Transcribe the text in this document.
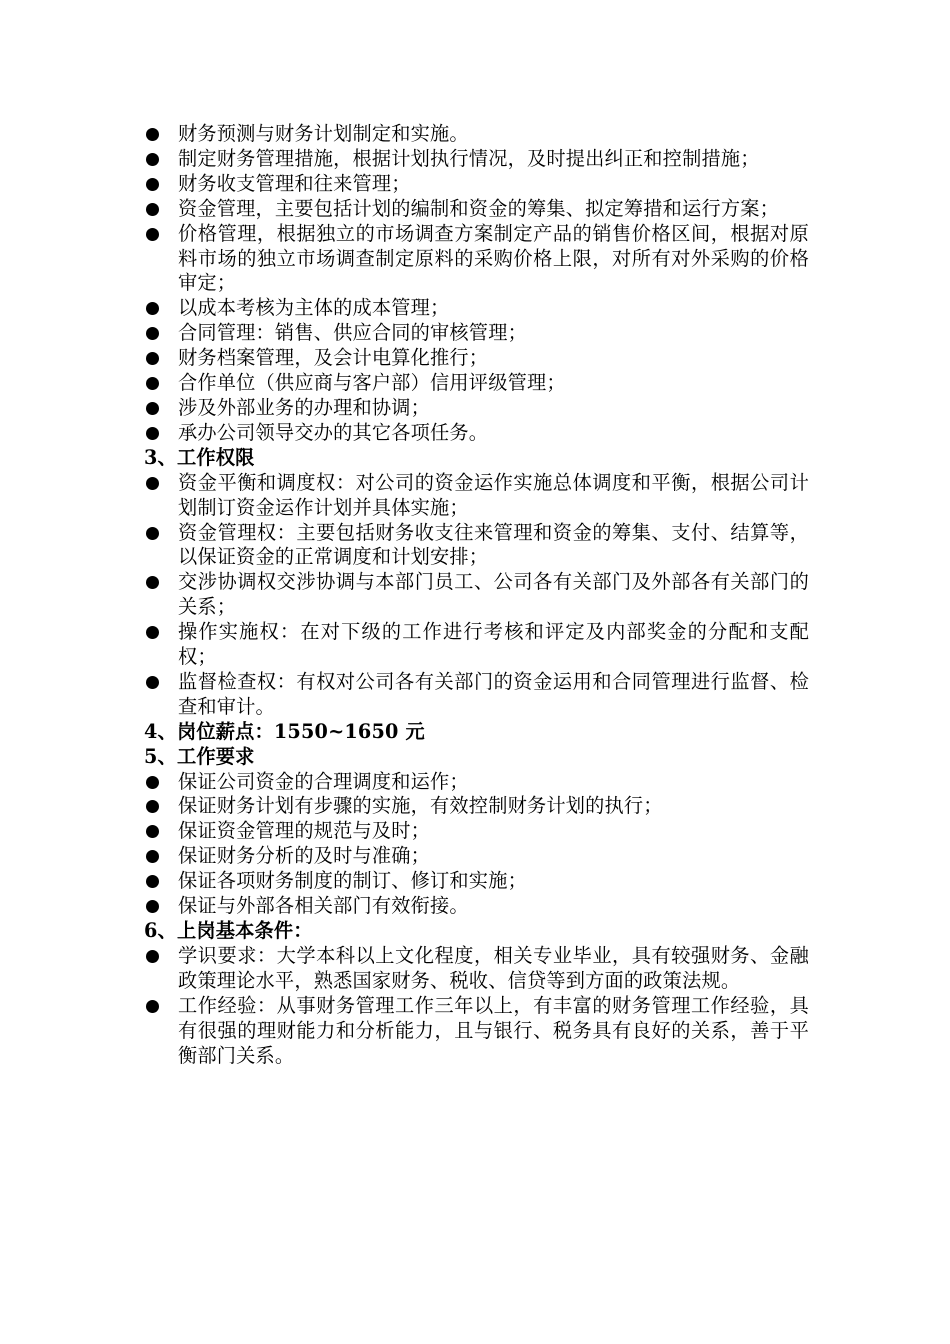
财务预测与财务计划制定和实施。
制定财务管理措施，根据计划执行情况，及时提出纠正和控制措施；
财务收支管理和往来管理；
资金管理，主要包括计划的编制和资金的筹集、拟定筹措和运行方案；
价格管理，根据独立的市场调查方案制定产品的销售价格区间，根据对原料市场的独立市场调查制定原料的采购价格上限，对所有对外采购的价格审定；
以成本考核为主体的成本管理；
合同管理：销售、供应合同的审核管理；
财务档案管理，及会计电算化推行；
合作单位（供应商与客户部）信用评级管理；
涉及外部业务的办理和协调；
承办公司领导交办的其它各项任务。
3、工作权限
资金平衡和调度权：对公司的资金运作实施总体调度和平衡，根据公司计划制订资金运作计划并具体实施；
资金管理权：主要包括财务收支往来管理和资金的筹集、支付、结算等，以保证资金的正常调度和计划安排；
交涉协调权交涉协调与本部门员工、公司各有关部门及外部各有关部门的关系；
操作实施权：在对下级的工作进行考核和评定及内部奖金的分配和支配权；
监督检查权：有权对公司各有关部门的资金运用和合同管理进行监督、检查和审计。
4、岗位薪点：1550~1650 元
5、工作要求
保证公司资金的合理调度和运作；
保证财务计划有步骤的实施，有效控制财务计划的执行；
保证资金管理的规范与及时；
保证财务分析的及时与准确；
保证各项财务制度的制订、修订和实施；
保证与外部各相关部门有效衔接。
6、上岗基本条件：
学识要求：大学本科以上文化程度，相关专业毕业，具有较强财务、金融政策理论水平，熟悉国家财务、税收、信贷等到方面的政策法规。
工作经验：从事财务管理工作三年以上，有丰富的财务管理工作经验，具有很强的理财能力和分析能力，且与银行、税务具有良好的关系，善于平衡部门关系。
